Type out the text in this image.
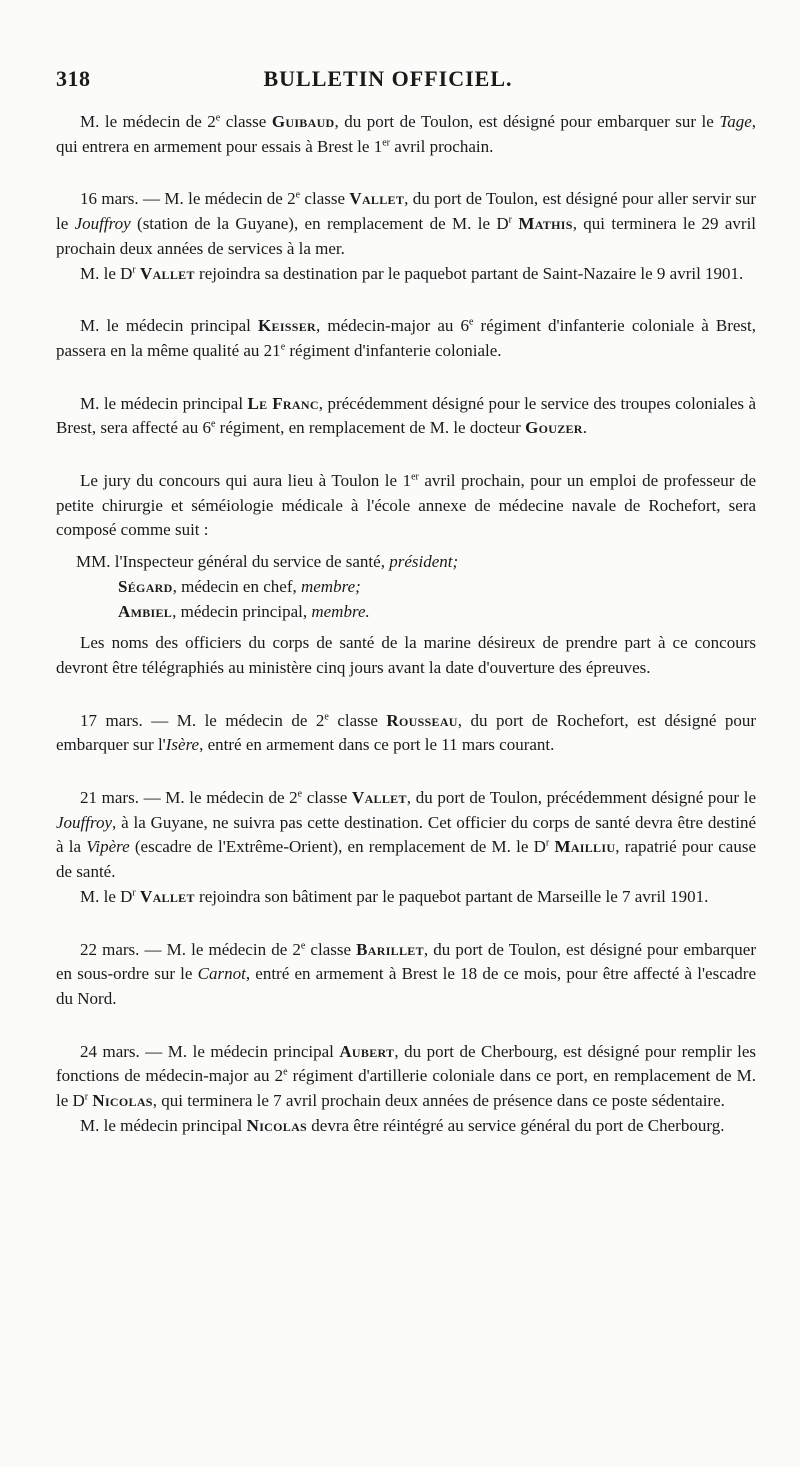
318	BULLETIN OFFICIEL.

M. le médecin de 2e classe Guibaud, du port de Toulon, est désigné pour embarquer sur le Tage, qui entrera en armement pour essais à Brest le 1er avril prochain.

16 mars. — M. le médecin de 2e classe Vallet, du port de Toulon, est désigné pour aller servir sur le Jouffroy (station de la Guyane), en remplacement de M. le $D^r$ Mathis, qui terminera le 29 avril prochain deux années de services à la mer.

M. le $D^r$ Vallet rejoindra sa destination par le paquebot partant de Saint-Nazaire le 9 avril 1901.

M. le médecin principal Keisser, médecin-major au 6e régiment d'infanterie coloniale à Brest, passera en la même qualité au 21e régiment d'infanterie coloniale.

M. le médecin principal Le Franc, précédemment désigné pour le service des troupes coloniales à Brest, sera affecté au 6e régiment, en remplacement de M. le docteur Gouzer.

Le jury du concours qui aura lieu à Toulon le 1er avril prochain, pour un emploi de professeur de petite chirurgie et séméiologie médicale à l'école annexe de médecine navale de Rochefort, sera composé comme suit :

MM. l'Inspecteur général du service de santé, président;

Ségard, médecin en chef, membre;

Ambiel, médecin principal, membre.

Les noms des officiers du corps de santé de la marine désireux de prendre part à ce concours devront être télégraphiés au ministère cinq jours avant la date d'ouverture des épreuves.

17 mars. — M. le médecin de 2e classe Rousseau, du port de Rochefort, est désigné pour embarquer sur l'Isère, entré en armement dans ce port le 11 mars courant.

21 mars. — M. le médecin de 2e classe Vallet, du port de Toulon, précédemment désigné pour le Jouffroy, à la Guyane, ne suivra pas cette destination. Cet officier du corps de santé devra être destiné à la Vipère (escadre de l'Extrême-Orient), en remplacement de M. le $D^r$ Mailliu, rapatrié pour cause de santé.

M. le $D^r$ Vallet rejoindra son bâtiment par le paquebot partant de Marseille le 7 avril 1901.

22 mars. — M. le médecin de 2e classe Barillet, du port de Toulon, est désigné pour embarquer en sous-ordre sur le Carnot, entré en armement à Brest le 18 de ce mois, pour être affecté à l'escadre du Nord.

24 mars. — M. le médecin principal Aubert, du port de Cherbourg, est désigné pour remplir les fonctions de médecin-major au 2e régiment d'artillerie coloniale dans ce port, en remplacement de M. le $D^r$ Nicolas, qui terminera le 7 avril prochain deux années de présence dans ce poste sédentaire.

M. le médecin principal Nicolas devra être réintégré au service général du port de Cherbourg.
